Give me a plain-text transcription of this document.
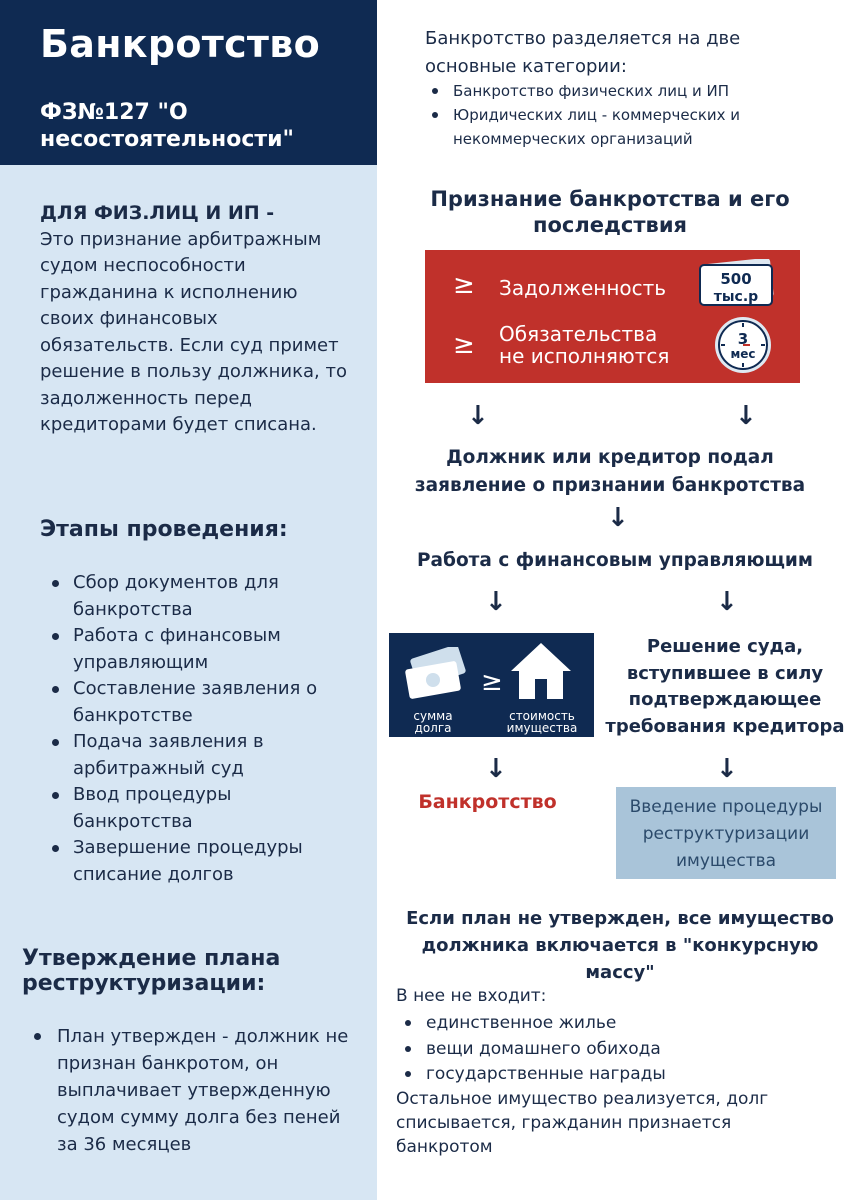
Банкротство
ФЗ№127 "О несостоятельности"
ДЛЯ ФИЗ.ЛИЦ И ИП -
Это признание арбитражным судом неспособности гражданина к исполнению своих финансовых обязательств. Если суд примет решение в пользу должника, то задолженность перед кредиторами будет списана.
Этапы проведения:
Сбор документов для банкротства
Работа с финансовым управляющим
Составление заявления о банкротстве
Подача заявления в арбитражный суд
Ввод процедуры банкротства
Завершение процедуры списание долгов
Утверждение плана реструктуризации:
План утвержден - должник не признан банкротом, он выплачивает утвержденную судом сумму долга без пеней за 36 месяцев
Банкротство разделяется на две основные категории:
Банкротство физических лиц и ИП
Юридических лиц - коммерческих и некоммерческих организаций
Признание банкротства и его последствия
≥ Задолженность	500
тыс.р
≥ Обязательства
не исполняются
3
мес
↓	↓
Должник или кредитор подал заявление о признании банкротства
↓
Работа с финансовым управляющим
↓	↓
сумма
долга
≥
стоимость
имущества
Решение суда, вступившее в силу подтверждающее требования кредитора
↓	↓
Банкротство	Введение процедуры реструктуризации имущества
Если план не утвержден, все имущество должника включается в "конкурсную массу"
В нее не входит:
единственное жилье
вещи домашнего обихода
государственные награды
Остальное имущество реализуется, долг списывается, гражданин признается банкротом
